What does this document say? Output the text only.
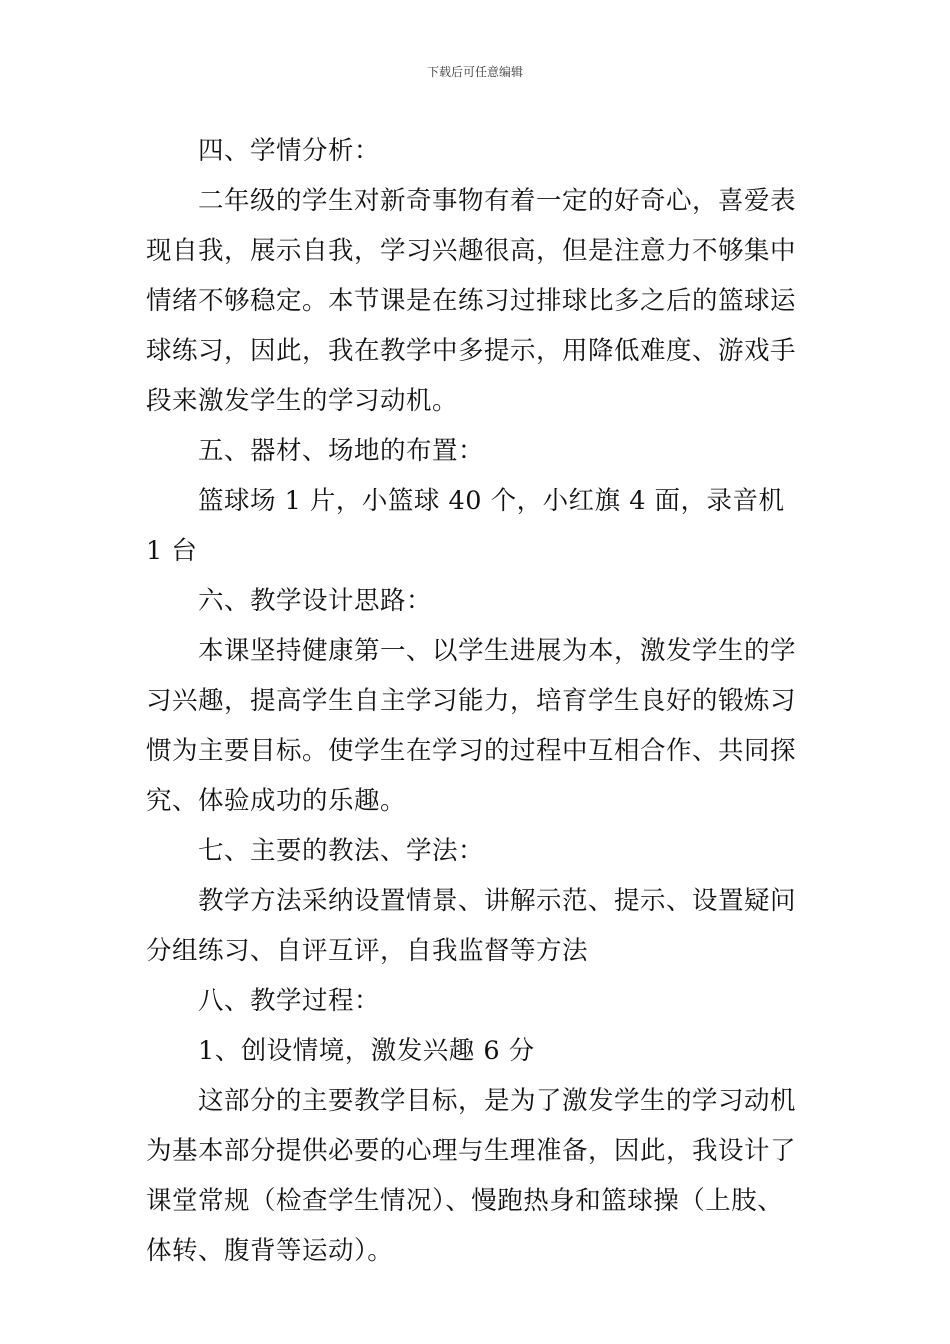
下载后可任意编辑

四、学情分析：

二年级的学生对新奇事物有着一定的好奇心，喜爱表现自我，展示自我，学习兴趣很高，但是注意力不够集中情绪不够稳定。本节课是在练习过排球比多之后的篮球运球练习，因此，我在教学中多提示，用降低难度、游戏手段来激发学生的学习动机。

五、器材、场地的布置：

篮球场 1 片，小篮球 40 个，小红旗 4 面，录音机 1 台

六、教学设计思路：

本课坚持健康第一、以学生进展为本，激发学生的学习兴趣，提高学生自主学习能力，培育学生良好的锻炼习惯为主要目标。使学生在学习的过程中互相合作、共同探究、体验成功的乐趣。

七、主要的教法、学法：

教学方法采纳设置情景、讲解示范、提示、设置疑问分组练习、自评互评，自我监督等方法

八、教学过程：

1、创设情境，激发兴趣 6 分

这部分的主要教学目标，是为了激发学生的学习动机为基本部分提供必要的心理与生理准备，因此，我设计了课堂常规（检查学生情况）、慢跑热身和篮球操（上肢、体转、腹背等运动）。
